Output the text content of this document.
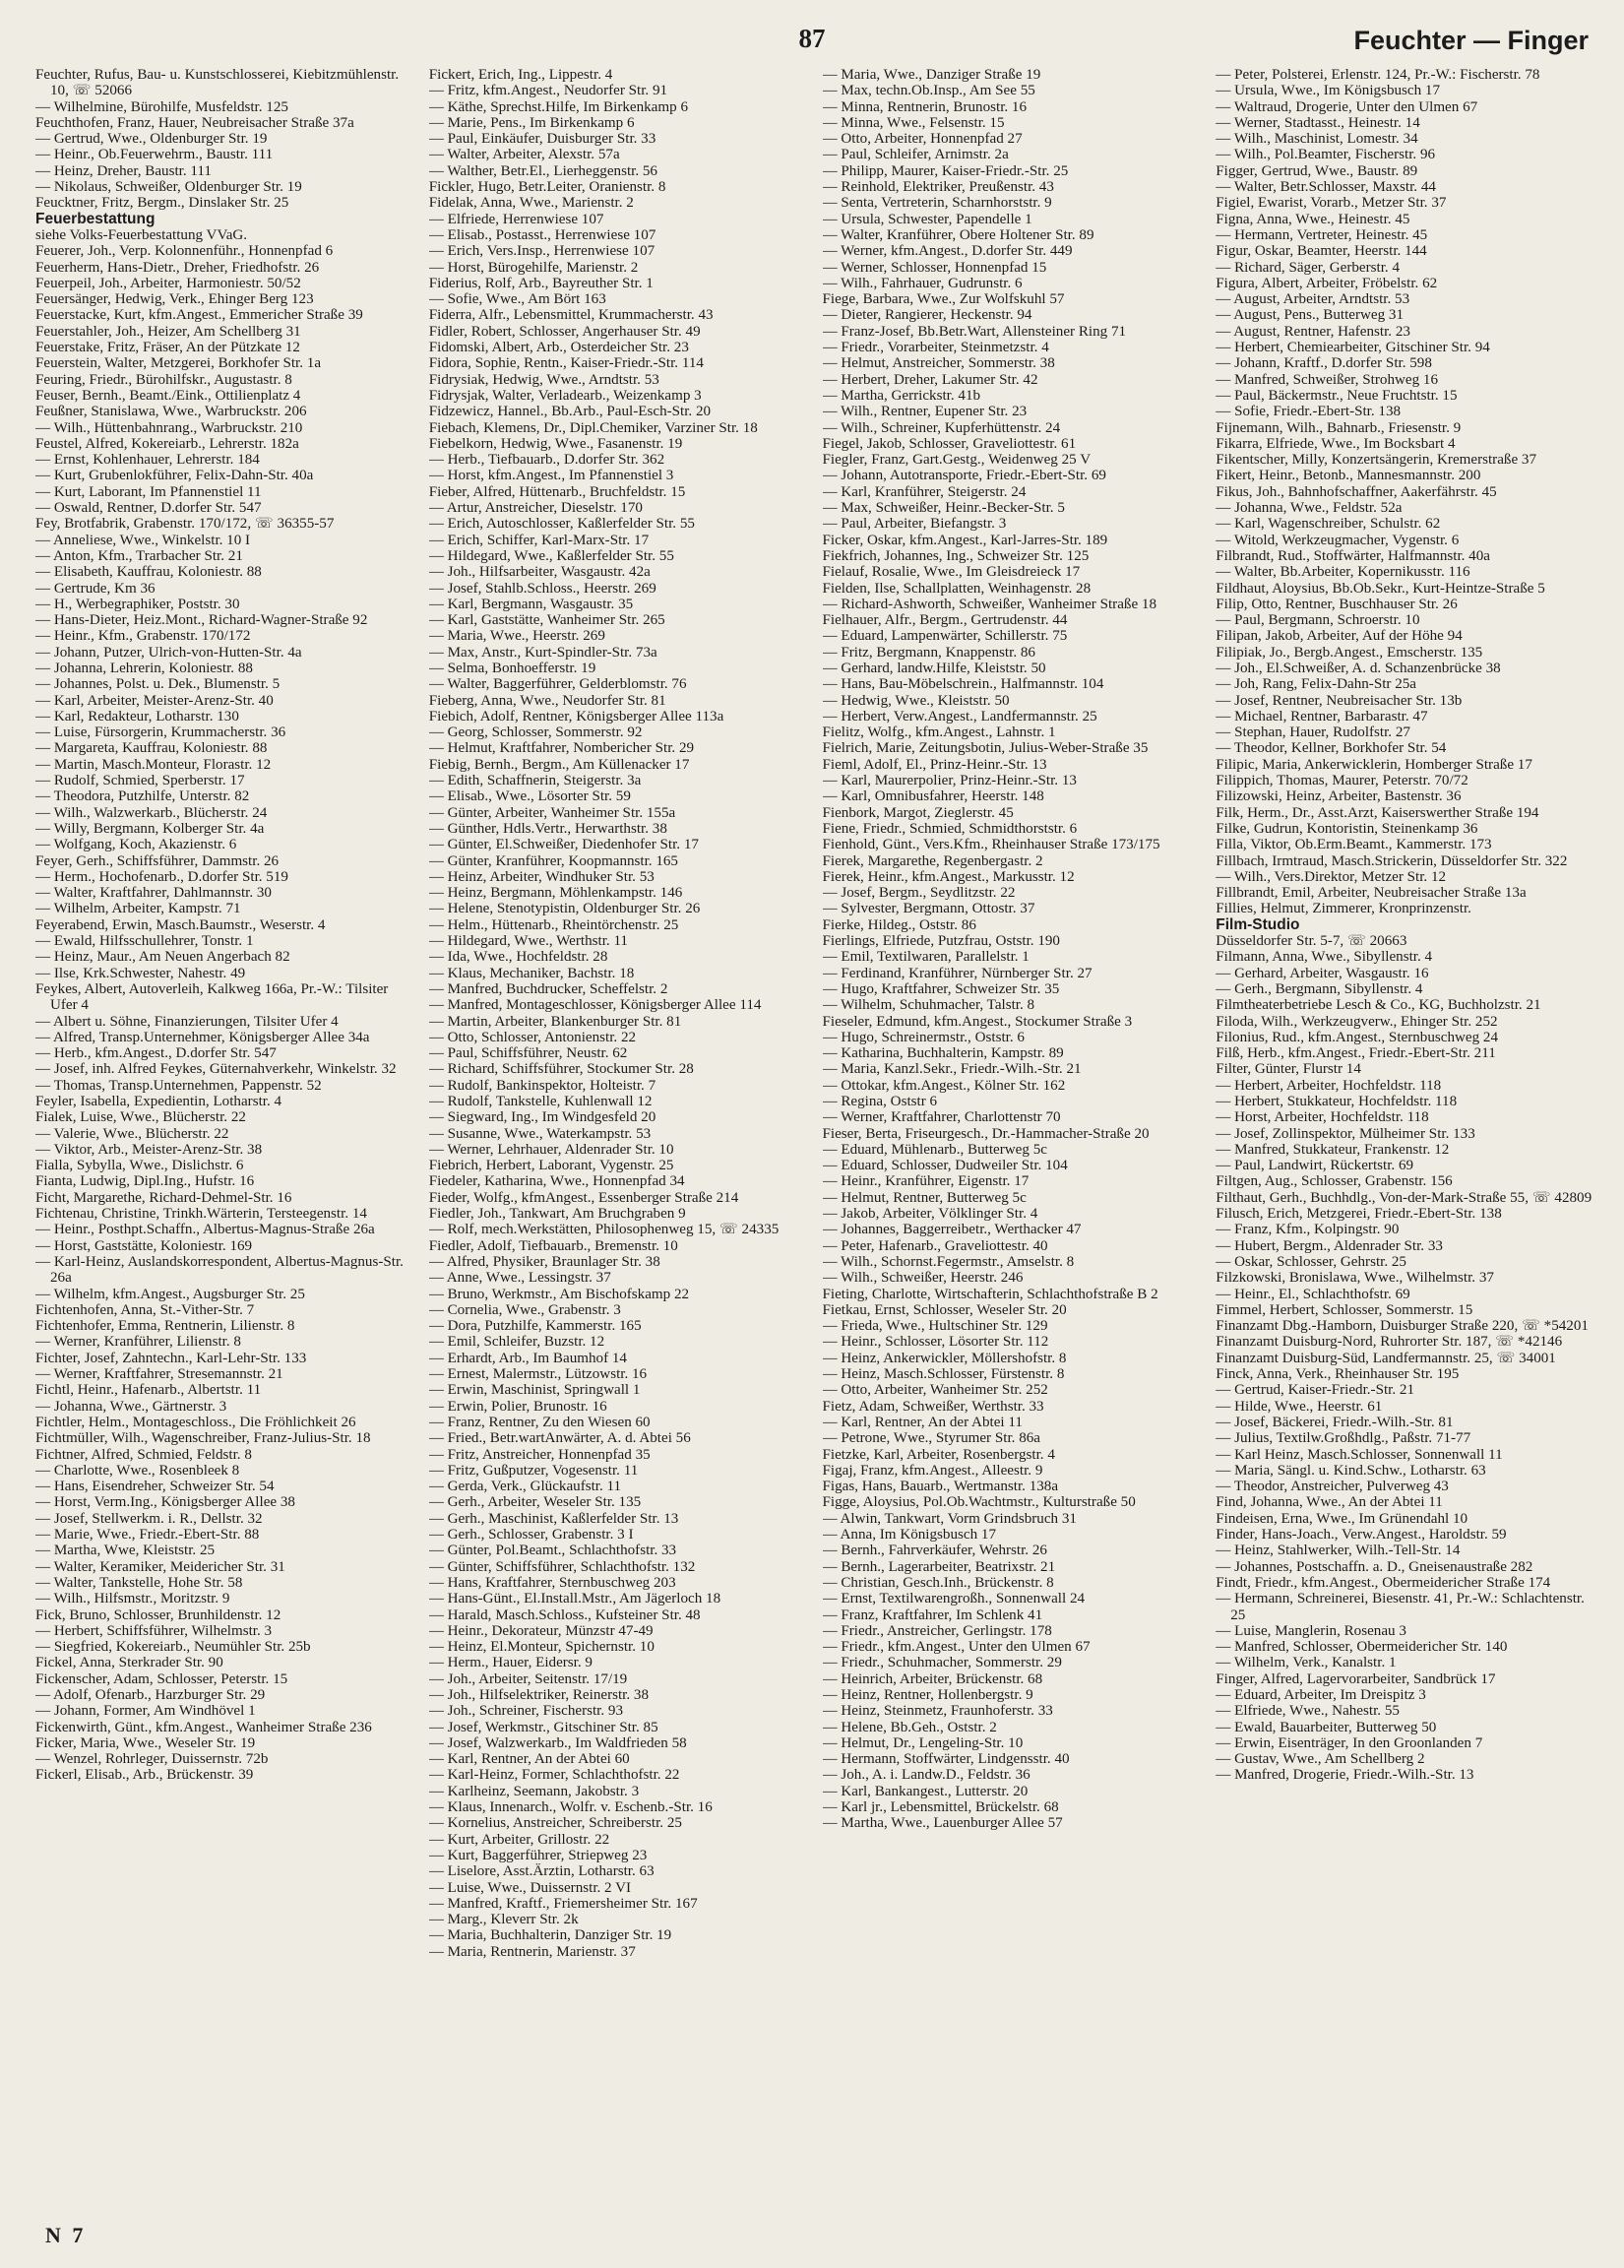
87	Feuchter — Finger
Feuchter, Rufus, Bau- u. Kunstschlosserei, Kiebitzmühlenstr. 10, ☏ 52066
— Wilhelmine, Bürohilfe, Musfeldstr. 125
Feuchthofen, Franz, Hauer, Neubreisacher Straße 37a
— Gertrud, Wwe., Oldenburger Str. 19
— Heinr., Ob.Feuerwehrm., Baustr. 111
— Heinz, Dreher, Baustr. 111
— Nikolaus, Schweißer, Oldenburger Str. 19
Feucktner, Fritz, Bergm., Dinslaker Str. 25
Feuerbestattung
siehe Volks-Feuerbestattung VVaG.
Feuerer, Joh., Verp. Kolonnenführ., Honnenpfad 6
Feuerherm, Hans-Dietr., Dreher, Friedhofstr. 26
Feuerpeil, Joh., Arbeiter, Harmoniestr. 50/52
Feuersänger, Hedwig, Verk., Ehinger Berg 123
Feuerstacke, Kurt, kfm.Angest., Emmericher Straße 39
Feuerstahler, Joh., Heizer, Am Schellberg 31
Feuerstake, Fritz, Fräser, An der Pützkate 12
Feuerstein, Walter, Metzgerei, Borkhofer Str. 1a
Feuring, Friedr., Bürohilfskr., Augustastr. 8
Feuser, Bernh., Beamt./Eink., Ottilienplatz 4
Feußner, Stanislawa, Wwe., Warbruckstr. 206
— Wilh., Hüttenbahnrang., Warbruckstr. 210
Feustel, Alfred, Kokereiarb., Lehrerstr. 182a
— Ernst, Kohlenhauer, Lehrerstr. 184
— Kurt, Grubenlokführer, Felix-Dahn-Str. 40a
— Kurt, Laborant, Im Pfannenstiel 11
— Oswald, Rentner, D.dorfer Str. 547
Fey, Brotfabrik, Grabenstr. 170/172, ☏ 36355-57
— Anneliese, Wwe., Winkelstr. 10 I
— Anton, Kfm., Trarbacher Str. 21
— Elisabeth, Kauffrau, Koloniestr. 88
— Gertrude, Km 36
— H., Werbegraphiker, Poststr. 30
— Hans-Dieter, Heiz.Mont., Richard-Wagner-Straße 92
— Heinr., Kfm., Grabenstr. 170/172
— Johann, Putzer, Ulrich-von-Hutten-Str. 4a
— Johanna, Lehrerin, Koloniestr. 88
— Johannes, Polst. u. Dek., Blumenstr. 5
— Karl, Arbeiter, Meister-Arenz-Str. 40
— Karl, Redakteur, Lotharstr. 130
— Luise, Fürsorgerin, Krummacherstr. 36
— Margareta, Kauffrau, Koloniestr. 88
— Martin, Masch.Monteur, Florastr. 12
— Rudolf, Schmied, Sperberstr. 17
— Theodora, Putzhilfe, Unterstr. 82
— Wilh., Walzwerkarb., Blücherstr. 24
— Willy, Bergmann, Kolberger Str. 4a
— Wolfgang, Koch, Akazienstr. 6
Feyer, Gerh., Schiffsführer, Dammstr. 26
— Herm., Hochofenarb., D.dorfer Str. 519
— Walter, Kraftfahrer, Dahlmannstr. 30
— Wilhelm, Arbeiter, Kampstr. 71
Feyerabend, Erwin, Masch.Baumstr., Weserstr. 4
— Ewald, Hilfsschullehrer, Tonstr. 1
— Heinz, Maur., Am Neuen Angerbach 82
— Ilse, Krk.Schwester, Nahestr. 49
Feykes, Albert, Autoverleih, Kalkweg 166a, Pr.-W.: Tilsiter Ufer 4
— Albert u. Söhne, Finanzierungen, Tilsiter Ufer 4
— Alfred, Transp.Unternehmer, Königsberger Allee 34a
— Herb., kfm.Angest., D.dorfer Str. 547
— Josef, inh. Alfred Feykes, Güternahverkehr, Winkelstr. 32
— Thomas, Transp.Unternehmen, Pappenstr. 52
Feyler, Isabella, Expedientin, Lotharstr. 4
Fialek, Luise, Wwe., Blücherstr. 22
— Valerie, Wwe., Blücherstr. 22
— Viktor, Arb., Meister-Arenz-Str. 38
Fialla, Sybylla, Wwe., Dislichstr. 6
Fianta, Ludwig, Dipl.Ing., Hufstr. 16
Ficht, Margarethe, Richard-Dehmel-Str. 16
Fichtenau, Christine, Trinkh.Wärterin, Tersteegenstr. 14
— Heinr., Posthpt.Schaffn., Albertus-Magnus-Straße 26a
— Horst, Gaststätte, Koloniestr. 169
— Karl-Heinz, Auslandskorrespondent, Albertus-Magnus-Str. 26a
— Wilhelm, kfm.Angest., Augsburger Str. 25
Fichtenhofen, Anna, St.-Vither-Str. 7
Fichtenhofer, Emma, Rentnerin, Lilienstr. 8
— Werner, Kranführer, Lilienstr. 8
Fichter, Josef, Zahntechn., Karl-Lehr-Str. 133
— Werner, Kraftfahrer, Stresemannstr. 21
Fichtl, Heinr., Hafenarb., Albertstr. 11
— Johanna, Wwe., Gärtnerstr. 3
Fichtler, Helm., Montageschloss., Die Fröhlichkeit 26
Fichtmüller, Wilh., Wagenschreiber, Franz-Julius-Str. 18
Fichtner, Alfred, Schmied, Feldstr. 8
— Charlotte, Wwe., Rosenbleek 8
— Hans, Eisendreher, Schweizer Str. 54
— Horst, Verm.Ing., Königsberger Allee 38
— Josef, Stellwerkm. i. R., Dellstr. 32
— Marie, Wwe., Friedr.-Ebert-Str. 88
— Martha, Wwe, Kleiststr. 25
— Walter, Keramiker, Meidericher Str. 31
— Walter, Tankstelle, Hohe Str. 58
— Wilh., Hilfsmstr., Moritzstr. 9
Fick, Bruno, Schlosser, Brunhildenstr. 12
— Herbert, Schiffsführer, Wilhelmstr. 3
— Siegfried, Kokereiarb., Neumühler Str. 25b
Fickel, Anna, Sterkrader Str. 90
Fickenscher, Adam, Schlosser, Peterstr. 15
— Adolf, Ofenarb., Harzburger Str. 29
— Johann, Former, Am Windhövel 1
Fickenwirth, Günt., kfm.Angest., Wanheimer Straße 236
Ficker, Maria, Wwe., Weseler Str. 19
— Wenzel, Rohrleger, Duissernstr. 72b
Fickerl, Elisab., Arb., Brückenstr. 39
Fickert, Erich, Ing., Lippestr. 4
— Fritz, kfm.Angest., Neudorfer Str. 91
— Käthe, Sprechst.Hilfe, Im Birkenkamp 6
— Marie, Pens., Im Birkenkamp 6
— Paul, Einkäufer, Duisburger Str. 33
— Walter, Arbeiter, Alexstr. 57a
— Walther, Betr.El., Lierheggenstr. 56
Fickler, Hugo, Betr.Leiter, Oranienstr. 8
Fidelak, Anna, Wwe., Marienstr. 2
— Elfriede, Herrenwiese 107
— Elisab., Postasst., Herrenwiese 107
— Erich, Vers.Insp., Herrenwiese 107
— Horst, Bürogehilfe, Marienstr. 2
Fiderius, Rolf, Arb., Bayreuther Str. 1
— Sofie, Wwe., Am Bört 163
Fiderra, Alfr., Lebensmittel, Krummacherstr. 43
Fidler, Robert, Schlosser, Angerhauser Str. 49
Fidomski, Albert, Arb., Osterdeicher Str. 23
Fidora, Sophie, Rentn., Kaiser-Friedr.-Str. 114
Fidrysiak, Hedwig, Wwe., Arndtstr. 53
Fidrysjak, Walter, Verladearb., Weizenkamp 3
Fidzewicz, Hannel., Bb.Arb., Paul-Esch-Str. 20
Fiebach, Klemens, Dr., Dipl.Chemiker, Varziner Str. 18
Fiebelkorn, Hedwig, Wwe., Fasanenstr. 19
— Herb., Tiefbauarb., D.dorfer Str. 362
— Horst, kfm.Angest., Im Pfannenstiel 3
Fieber, Alfred, Hüttenarb., Bruchfeldstr. 15
— Artur, Anstreicher, Dieselstr. 170
— Erich, Autoschlosser, Kaßlerfelder Str. 55
— Erich, Schiffer, Karl-Marx-Str. 17
— Hildegard, Wwe., Kaßlerfelder Str. 55
— Joh., Hilfsarbeiter, Wasgaustr. 42a
— Josef, Stahlb.Schloss., Heerstr. 269
— Karl, Bergmann, Wasgaustr. 35
— Karl, Gaststätte, Wanheimer Str. 265
— Maria, Wwe., Heerstr. 269
— Max, Anstr., Kurt-Spindler-Str. 73a
— Selma, Bonhoefferstr. 19
— Walter, Baggerführer, Gelderblomstr. 76
Fieberg, Anna, Wwe., Neudorfer Str. 81
Fiebich, Adolf, Rentner, Königsberger Allee 113a
— Georg, Schlosser, Sommerstr. 92
— Helmut, Kraftfahrer, Nombericher Str. 29
Fiebig, Bernh., Bergm., Am Küllenacker 17
— Edith, Schaffnerin, Steigerstr. 3a
— Elisab., Wwe., Lösorter Str. 59
— Günter, Arbeiter, Wanheimer Str. 155a
— Günther, Hdls.Vertr., Herwarthstr. 38
— Günter, El.Schweißer, Diedenhofer Str. 17
— Günter, Kranführer, Koopmannstr. 165
— Heinz, Arbeiter, Windhuker Str. 53
— Heinz, Bergmann, Möhlenkampstr. 146
— Helene, Stenotypistin, Oldenburger Str. 26
— Helm., Hüttenarb., Rheintörchenstr. 25
— Hildegard, Wwe., Werthstr. 11
— Ida, Wwe., Hochfeldstr. 28
— Klaus, Mechaniker, Bachstr. 18
— Manfred, Buchdrucker, Scheffelstr. 2
— Manfred, Montageschlosser, Königsberger Allee 114
— Martin, Arbeiter, Blankenburger Str. 81
— Otto, Schlosser, Antonienstr. 22
— Paul, Schiffsführer, Neustr. 62
— Richard, Schiffsführer, Stockumer Str. 28
— Rudolf, Bankinspektor, Holteistr. 7
— Rudolf, Tankstelle, Kuhlenwall 12
— Siegward, Ing., Im Windgesfeld 20
— Susanne, Wwe., Waterkampstr. 53
— Werner, Lehrhauer, Aldenrader Str. 10
Fiebrich, Herbert, Laborant, Vygenstr. 25
Fiedeler, Katharina, Wwe., Honnenpfad 34
Fieder, Wolfg., kfmAngest., Essenberger Straße 214
Fiedler, Joh., Tankwart, Am Bruchgraben 9
— Rolf, mech.Werkstätten, Philosophenweg 15, ☏ 24335
Fiedler, Adolf, Tiefbauarb., Bremenstr. 10
— Alfred, Physiker, Braunlager Str. 38
— Anne, Wwe., Lessingstr. 37
— Bruno, Werkmstr., Am Bischofskamp 22
— Cornelia, Wwe., Grabenstr. 3
— Dora, Putzhilfe, Kammerstr. 165
— Emil, Schleifer, Buzstr. 12
— Erhardt, Arb., Im Baumhof 14
— Ernest, Malermstr., Lützowstr. 16
— Erwin, Maschinist, Springwall 1
— Erwin, Polier, Brunostr. 16
— Franz, Rentner, Zu den Wiesen 60
— Fried., Betr.wartAnwärter, A. d. Abtei 56
— Fritz, Anstreicher, Honnenpfad 35
— Fritz, Gußputzer, Vogesenstr. 11
— Gerda, Verk., Glückaufstr. 11
— Gerh., Arbeiter, Weseler Str. 135
— Gerh., Maschinist, Kaßlerfelder Str. 13
— Gerh., Schlosser, Grabenstr. 3 I
— Günter, Pol.Beamt., Schlachthofstr. 33
— Günter, Schiffsführer, Schlachthofstr. 132
— Hans, Kraftfahrer, Sternbuschweg 203
— Hans-Günt., El.Install.Mstr., Am Jägerloch 18
— Harald, Masch.Schloss., Kufsteiner Str. 48
— Heinr., Dekorateur, Münzstr 47-49
— Heinz, El.Monteur, Spichernstr. 10
— Herm., Hauer, Eidersr. 9
— Joh., Arbeiter, Seitenstr. 17/19
— Joh., Hilfselektriker, Reinerstr. 38
— Joh., Schreiner, Fischerstr. 93
— Josef, Werkmstr., Gitschiner Str. 85
— Josef, Walzwerkarb., Im Waldfrieden 58
— Karl, Rentner, An der Abtei 60
— Karl-Heinz, Former, Schlachthofstr. 22
— Karlheinz, Seemann, Jakobstr. 3
— Klaus, Innenarch., Wolfr. v. Eschenb.-Str. 16
— Kornelius, Anstreicher, Schreiberstr. 25
— Kurt, Arbeiter, Grillostr. 22
— Kurt, Baggerführer, Striepweg 23
— Liselore, Asst.Ärztin, Lotharstr. 63
— Luise, Wwe., Duissernstr. 2 VI
— Manfred, Kraftf., Friemersheimer Str. 167
— Marg., Kleverr Str. 2k
— Maria, Buchhalterin, Danziger Str. 19
— Maria, Rentnerin, Marienstr. 37
— Maria, Wwe., Danziger Straße 19
— Max, techn.Ob.Insp., Am See 55
— Minna, Rentnerin, Brunostr. 16
— Minna, Wwe., Felsenstr. 15
— Otto, Arbeiter, Honnenpfad 27
— Paul, Schleifer, Arnimstr. 2a
— Philipp, Maurer, Kaiser-Friedr.-Str. 25
— Reinhold, Elektriker, Preußenstr. 43
— Senta, Vertreterin, Scharnhorststr. 9
— Ursula, Schwester, Papendelle 1
— Walter, Kranführer, Obere Holtener Str. 89
— Werner, kfm.Angest., D.dorfer Str. 449
— Werner, Schlosser, Honnenpfad 15
— Wilh., Fahrhauer, Gudrunstr. 6
Fiege, Barbara, Wwe., Zur Wolfskuhl 57
— Dieter, Rangierer, Heckenstr. 94
— Franz-Josef, Bb.Betr.Wart, Allensteiner Ring 71
— Friedr., Vorarbeiter, Steinmetzstr. 4
— Helmut, Anstreicher, Sommerstr. 38
— Herbert, Dreher, Lakumer Str. 42
— Martha, Gerrickstr. 41b
— Wilh., Rentner, Eupener Str. 23
— Wilh., Schreiner, Kupferhüttenstr. 24
Fiegel, Jakob, Schlosser, Graveliottestr. 61
Fiegler, Franz, Gart.Gestg., Weidenweg 25 V
— Johann, Autotransporte, Friedr.-Ebert-Str. 69
— Karl, Kranführer, Steigerstr. 24
— Max, Schweißer, Heinr.-Becker-Str. 5
— Paul, Arbeiter, Biefangstr. 3
Ficker, Oskar, kfm.Angest., Karl-Jarres-Str. 189
Fiekfrich, Johannes, Ing., Schweizer Str. 125
Fielauf, Rosalie, Wwe., Im Gleisdreieck 17
Fielden, Ilse, Schallplatten, Weinhagenstr. 28
— Richard-Ashworth, Schweißer, Wanheimer Straße 18
Fielhauer, Alfr., Bergm., Gertrudenstr. 44
— Eduard, Lampenwärter, Schillerstr. 75
— Fritz, Bergmann, Knappenstr. 86
— Gerhard, landw.Hilfe, Kleiststr. 50
— Hans, Bau-Möbelschrein., Halfmannstr. 104
— Hedwig, Wwe., Kleiststr. 50
— Herbert, Verw.Angest., Landfermannstr. 25
Fielitz, Wolfg., kfm.Angest., Lahnstr. 1
Fielrich, Marie, Zeitungsbotin, Julius-Weber-Straße 35
Fieml, Adolf, El., Prinz-Heinr.-Str. 13
— Karl, Maurerpolier, Prinz-Heinr.-Str. 13
— Karl, Omnibusfahrer, Heerstr. 148
Fienbork, Margot, Zieglerstr. 45
Fiene, Friedr., Schmied, Schmidthorststr. 6
Fienhold, Günt., Vers.Kfm., Rheinhauser Straße 173/175
Fierek, Margarethe, Regenbergastr. 2
Fierek, Heinr., kfm.Angest., Markusstr. 12
— Josef, Bergm., Seydlitzstr. 22
— Sylvester, Bergmann, Ottostr. 37
Fierke, Hildeg., Oststr. 86
Fierlings, Elfriede, Putzfrau, Oststr. 190
— Emil, Textilwaren, Parallelstr. 1
— Ferdinand, Kranführer, Nürnberger Str. 27
— Hugo, Kraftfahrer, Schweizer Str. 35
— Wilhelm, Schuhmacher, Talstr. 8
Fieseler, Edmund, kfm.Angest., Stockumer Straße 3
— Hugo, Schreinermstr., Oststr. 6
— Katharina, Buchhalterin, Kampstr. 89
— Maria, Kanzl.Sekr., Friedr.-Wilh.-Str. 21
— Ottokar, kfm.Angest., Kölner Str. 162
— Regina, Oststr 6
— Werner, Kraftfahrer, Charlottenstr 70
Fieser, Berta, Friseurgesch., Dr.-Hammacher-Straße 20
— Eduard, Mühlenarb., Butterweg 5c
— Eduard, Schlosser, Dudweiler Str. 104
— Heinr., Kranführer, Eigenstr. 17
— Helmut, Rentner, Butterweg 5c
— Jakob, Arbeiter, Völklinger Str. 4
— Johannes, Baggerreibetr., Werthacker 47
— Peter, Hafenarb., Graveliottestr. 40
— Wilh., Schornst.Fegermstr., Amselstr. 8
— Wilh., Schweißer, Heerstr. 246
Fieting, Charlotte, Wirtschafterin, Schlachthofstraße B 2
Fietkau, Ernst, Schlosser, Weseler Str. 20
— Frieda, Wwe., Hultschiner Str. 129
— Heinr., Schlosser, Lösorter Str. 112
— Heinz, Ankerwickler, Möllershofstr. 8
— Heinz, Masch.Schlosser, Fürstenstr. 8
— Otto, Arbeiter, Wanheimer Str. 252
Fietz, Adam, Schweißer, Werthstr. 33
— Karl, Rentner, An der Abtei 11
— Petrone, Wwe., Styrumer Str. 86a
Fietzke, Karl, Arbeiter, Rosenbergstr. 4
Figaj, Franz, kfm.Angest., Alleestr. 9
Figas, Hans, Bauarb., Wertmanstr. 138a
Figge, Aloysius, Pol.Ob.Wachtmstr., Kulturstraße 50
— Alwin, Tankwart, Vorm Grindsbruch 31
— Anna, Im Königsbusch 17
— Bernh., Fahrverkäufer, Wehrstr. 26
— Bernh., Lagerarbeiter, Beatrixstr. 21
— Christian, Gesch.Inh., Brückenstr. 8
— Ernst, Textilwarengroßh., Sonnenwall 24
— Franz, Kraftfahrer, Im Schlenk 41
— Friedr., Anstreicher, Gerlingstr. 178
— Friedr., kfm.Angest., Unter den Ulmen 67
— Friedr., Schuhmacher, Sommerstr. 29
— Heinrich, Arbeiter, Brückenstr. 68
— Heinz, Rentner, Hollenbergstr. 9
— Heinz, Steinmetz, Fraunhoferstr. 33
— Helene, Bb.Geh., Oststr. 2
— Helmut, Dr., Lengeling-Str. 10
— Hermann, Stoffwärter, Lindgensstr. 40
— Joh., A. i. Landw.D., Feldstr. 36
— Karl, Bankangest., Lutterstr. 20
— Karl jr., Lebensmittel, Brückelstr. 68
— Martha, Wwe., Lauenburger Allee 57
— Peter, Polsterei, Erlenstr. 124, Pr.-W.: Fischerstr. 78
— Ursula, Wwe., Im Königsbusch 17
— Waltraud, Drogerie, Unter den Ulmen 67
— Werner, Stadtasst., Heinestr. 14
— Wilh., Maschinist, Lomestr. 34
— Wilh., Pol.Beamter, Fischerstr. 96
Figger, Gertrud, Wwe., Baustr. 89
— Walter, Betr.Schlosser, Maxstr. 44
Figiel, Ewarist, Vorarb., Metzer Str. 37
Figna, Anna, Wwe., Heinestr. 45
— Hermann, Vertreter, Heinestr. 45
Figur, Oskar, Beamter, Heerstr. 144
— Richard, Säger, Gerberstr. 4
Figura, Albert, Arbeiter, Fröbelstr. 62
— August, Arbeiter, Arndtstr. 53
— August, Pens., Butterweg 31
— August, Rentner, Hafenstr. 23
— Herbert, Chemiearbeiter, Gitschiner Str. 94
— Johann, Kraftf., D.dorfer Str. 598
— Manfred, Schweißer, Strohweg 16
— Paul, Bäckermstr., Neue Fruchtstr. 15
— Sofie, Friedr.-Ebert-Str. 138
Fijnemann, Wilh., Bahnarb., Friesenstr. 9
Fikarra, Elfriede, Wwe., Im Bocksbart 4
Fikentscher, Milly, Konzertsängerin, Kremerstraße 37
Fikert, Heinr., Betonb., Mannesmannstr. 200
Fikus, Joh., Bahnhofschaffner, Aakerfährstr. 45
— Johanna, Wwe., Feldstr. 52a
— Karl, Wagenschreiber, Schulstr. 62
— Witold, Werkzeugmacher, Vygenstr. 6
Filbrandt, Rud., Stoffwärter, Halfmannstr. 40a
— Walter, Bb.Arbeiter, Kopernikusstr. 116
Fildhaut, Aloysius, Bb.Ob.Sekr., Kurt-Heintze-Straße 5
Filip, Otto, Rentner, Buschhauser Str. 26
— Paul, Bergmann, Schroerstr. 10
Filipan, Jakob, Arbeiter, Auf der Höhe 94
Filipiak, Jo., Bergb.Angest., Emscherstr. 135
— Joh., El.Schweißer, A. d. Schanzenbrücke 38
— Joh, Rang, Felix-Dahn-Str 25a
— Josef, Rentner, Neubreisacher Str. 13b
— Michael, Rentner, Barbarastr. 47
— Stephan, Hauer, Rudolfstr. 27
— Theodor, Kellner, Borkhofer Str. 54
Filipic, Maria, Ankerwicklerin, Homberger Straße 17
Filippich, Thomas, Maurer, Peterstr. 70/72
Filizowski, Heinz, Arbeiter, Bastenstr. 36
Filk, Herm., Dr., Asst.Arzt, Kaiserswerther Straße 194
Filke, Gudrun, Kontoristin, Steinenkamp 36
Filla, Viktor, Ob.Erm.Beamt., Kammerstr. 173
Fillbach, Irmtraud, Masch.Strickerin, Düsseldorfer Str. 322
— Wilh., Vers.Direktor, Metzer Str. 12
Fillbrandt, Emil, Arbeiter, Neubreisacher Straße 13a
Fillies, Helmut, Zimmerer, Kronprinzenstr.
Film-Studio
Düsseldorfer Str. 5-7, ☏ 20663
Filmann, Anna, Wwe., Sibyllenstr. 4
— Gerhard, Arbeiter, Wasgaustr. 16
— Gerh., Bergmann, Sibyllenstr. 4
Filmtheaterbetriebe Lesch & Co., KG, Buchholzstr. 21
Filoda, Wilh., Werkzeugverw., Ehinger Str. 252
Filonius, Rud., kfm.Angest., Sternbuschweg 24
Filß, Herb., kfm.Angest., Friedr.-Ebert-Str. 211
Filter, Günter, Flurstr 14
— Herbert, Arbeiter, Hochfeldstr. 118
— Herbert, Stukkateur, Hochfeldstr. 118
— Horst, Arbeiter, Hochfeldstr. 118
— Josef, Zollinspektor, Mülheimer Str. 133
— Manfred, Stukkateur, Frankenstr. 12
— Paul, Landwirt, Rückertstr. 69
Filtgen, Aug., Schlosser, Grabenstr. 156
Filthaut, Gerh., Buchhdlg., Von-der-Mark-Straße 55, ☏ 42809
Filusch, Erich, Metzgerei, Friedr.-Ebert-Str. 138
— Franz, Kfm., Kolpingstr. 90
— Hubert, Bergm., Aldenrader Str. 33
— Oskar, Schlosser, Gehrstr. 25
Filzkowski, Bronislawa, Wwe., Wilhelmstr. 37
— Heinr., El., Schlachthofstr. 69
Fimmel, Herbert, Schlosser, Sommerstr. 15
Finanzamt Dbg.-Hamborn, Duisburger Straße 220, ☏ *54201
Finanzamt Duisburg-Nord, Ruhrorter Str. 187, ☏ *42146
Finanzamt Duisburg-Süd, Landfermannstr. 25, ☏ 34001
Finck, Anna, Verk., Rheinhauser Str. 195
— Gertrud, Kaiser-Friedr.-Str. 21
— Hilde, Wwe., Heerstr. 61
— Josef, Bäckerei, Friedr.-Wilh.-Str. 81
— Julius, Textilw.Großhdlg., Paßstr. 71-77
— Karl Heinz, Masch.Schlosser, Sonnenwall 11
— Maria, Sängl. u. Kind.Schw., Lotharstr. 63
— Theodor, Anstreicher, Pulverweg 43
Find, Johanna, Wwe., An der Abtei 11
Findeisen, Erna, Wwe., Im Grünendahl 10
Finder, Hans-Joach., Verw.Angest., Haroldstr. 59
— Heinz, Stahlwerker, Wilh.-Tell-Str. 14
— Johannes, Postschaffn. a. D., Gneisenaustraße 282
Findt, Friedr., kfm.Angest., Obermeidericher Straße 174
— Hermann, Schreinerei, Biesenstr. 41, Pr.-W.: Schlachtenstr. 25
— Luise, Manglerin, Rosenau 3
— Manfred, Schlosser, Obermeidericher Str. 140
— Wilhelm, Verk., Kanalstr. 1
Finger, Alfred, Lagervorarbeiter, Sandbrück 17
— Eduard, Arbeiter, Im Dreispitz 3
— Elfriede, Wwe., Nahestr. 55
— Ewald, Bauarbeiter, Butterweg 50
— Erwin, Eisenträger, In den Groonlanden 7
— Gustav, Wwe., Am Schellberg 2
— Manfred, Drogerie, Friedr.-Wilh.-Str. 13
N 7
